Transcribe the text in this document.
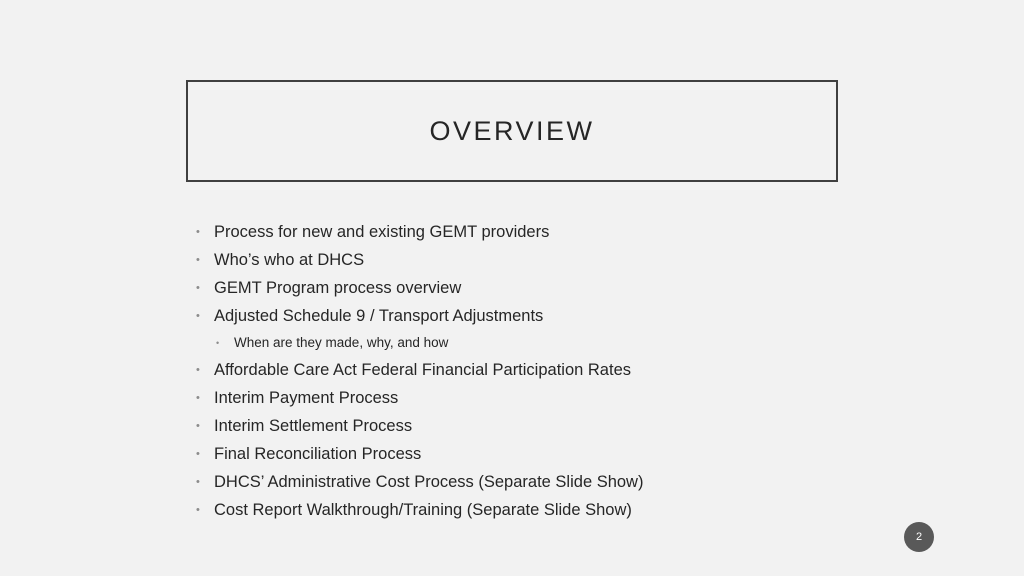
OVERVIEW
• Process for new and existing GEMT providers
• Who’s who at DHCS
• GEMT Program process overview
• Adjusted Schedule 9 / Transport Adjustments
• When are they made, why, and how
• Affordable Care Act Federal Financial Participation Rates
• Interim Payment Process
• Interim Settlement Process
• Final Reconciliation Process
• DHCS’ Administrative Cost Process (Separate Slide Show)
• Cost Report Walkthrough/Training (Separate Slide Show)
2
